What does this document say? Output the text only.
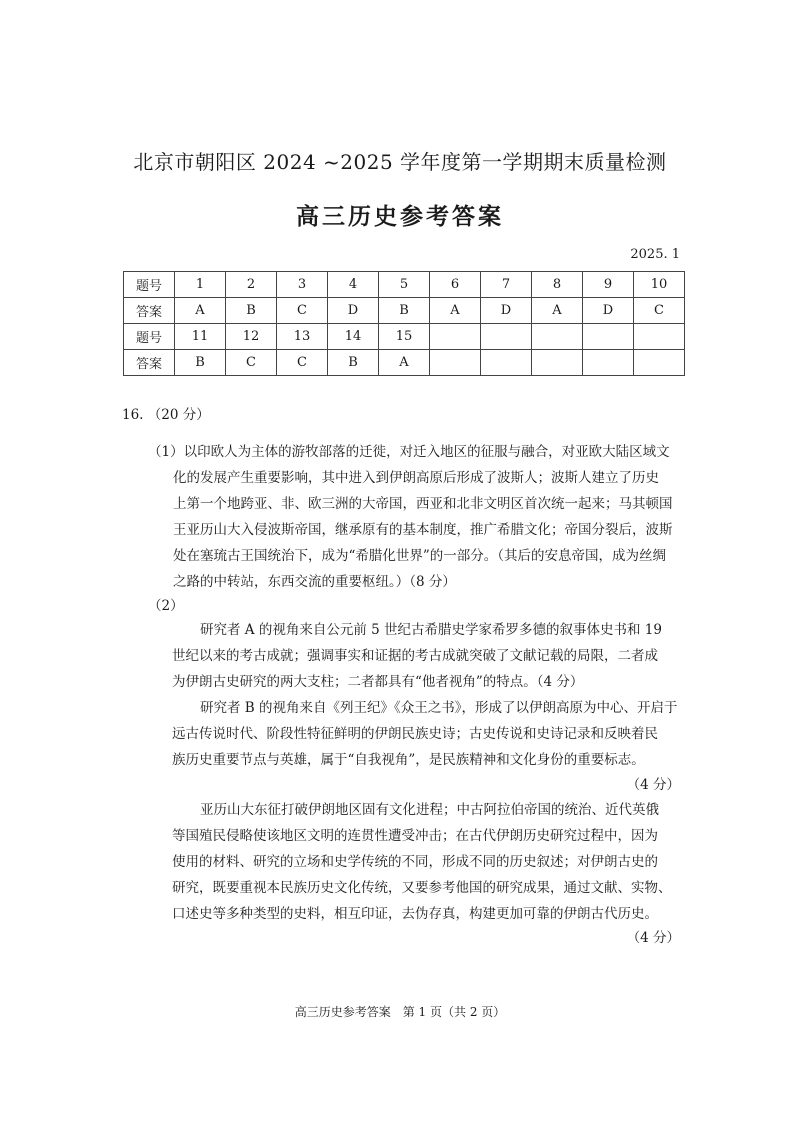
北京市朝阳区 2024 ~2025 学年度第一学期期末质量检测
高三历史参考答案
2025. 1
题号	1	2	3	4	5	6	7	8	9	10
答案	A	B	C	D	B	A	D	A	D	C
题号	11	12	13	14	15					
答案	B	C	C	B	A					
16. （20 分）
（1）以印欧人为主体的游牧部落的迁徙，对迁入地区的征服与融合，对亚欧大陆区域文
化的发展产生重要影响，其中进入到伊朗高原后形成了波斯人；波斯人建立了历史
上第一个地跨亚、非、欧三洲的大帝国，西亚和北非文明区首次统一起来；马其顿国
王亚历山大入侵波斯帝国，继承原有的基本制度，推广希腊文化；帝国分裂后，波斯
处在塞琉古王国统治下，成为“希腊化世界”的一部分。（其后的安息帝国，成为丝绸
之路的中转站，东西交流的重要枢纽。）（8 分）
（2）
研究者 A 的视角来自公元前 5 世纪古希腊史学家希罗多德的叙事体史书和 19
世纪以来的考古成就；强调事实和证据的考古成就突破了文献记载的局限，二者成
为伊朗古史研究的两大支柱；二者都具有“他者视角”的特点。（4 分）
研究者 B 的视角来自《列王纪》《众王之书》，形成了以伊朗高原为中心、开启于
远古传说时代、阶段性特征鲜明的伊朗民族史诗；古史传说和史诗记录和反映着民
族历史重要节点与英雄，属于“自我视角”，是民族精神和文化身份的重要标志。
（4 分）
亚历山大东征打破伊朗地区固有文化进程；中古阿拉伯帝国的统治、近代英俄
等国殖民侵略使该地区文明的连贯性遭受冲击；在古代伊朗历史研究过程中，因为
使用的材料、研究的立场和史学传统的不同，形成不同的历史叙述；对伊朗古史的
研究，既要重视本民族历史文化传统，又要参考他国的研究成果，通过文献、实物、
口述史等多种类型的史料，相互印证，去伪存真，构建更加可靠的伊朗古代历史。
（4 分）
高三历史参考答案　第 1 页（共 2 页）
